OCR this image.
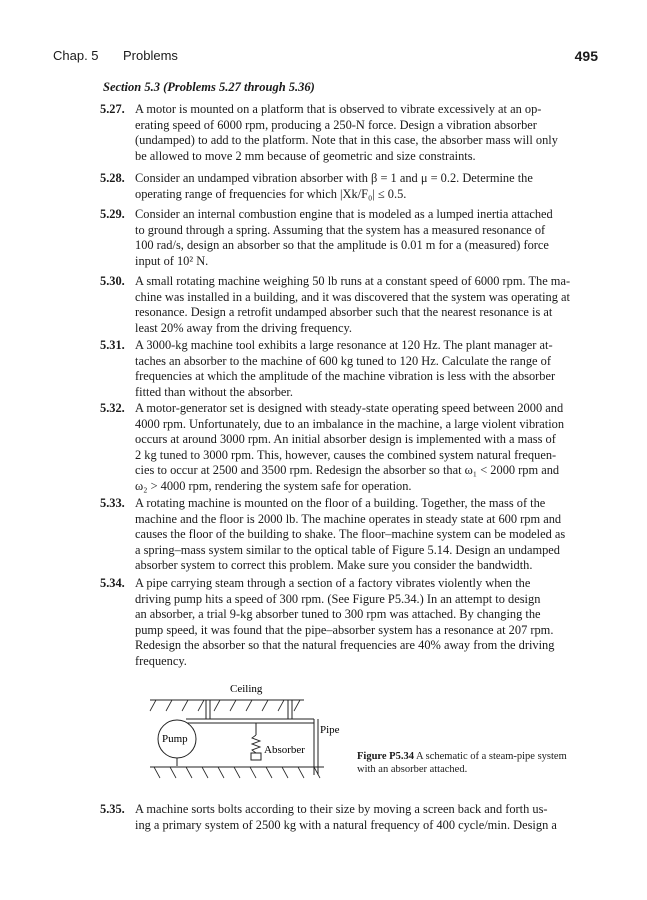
Chap. 5 Problems	495
Section 5.3 (Problems 5.27 through 5.36)
5.27. A motor is mounted on a platform that is observed to vibrate excessively at an op-
erating speed of 6000 rpm, producing a 250-N force. Design a vibration absorber
(undamped) to add to the platform. Note that in this case, the absorber mass will only
be allowed to move 2 mm because of geometric and size constraints.
5.28. Consider an undamped vibration absorber with β = 1 and μ = 0.2. Determine the
operating range of frequencies for which |Xk/F₀| ≤ 0.5.
5.29. Consider an internal combustion engine that is modeled as a lumped inertia attached
to ground through a spring. Assuming that the system has a measured resonance of
100 rad/s, design an absorber so that the amplitude is 0.01 m for a (measured) force
input of 10² N.
5.30. A small rotating machine weighing 50 lb runs at a constant speed of 6000 rpm. The ma-
chine was installed in a building, and it was discovered that the system was operating at
resonance. Design a retrofit undamped absorber such that the nearest resonance is at
least 20% away from the driving frequency.
5.31. A 3000-kg machine tool exhibits a large resonance at 120 Hz. The plant manager at-
taches an absorber to the machine of 600 kg tuned to 120 Hz. Calculate the range of
frequencies at which the amplitude of the machine vibration is less with the absorber
fitted than without the absorber.
5.32. A motor-generator set is designed with steady-state operating speed between 2000 and
4000 rpm. Unfortunately, due to an imbalance in the machine, a large violent vibration
occurs at around 3000 rpm. An initial absorber design is implemented with a mass of
2 kg tuned to 3000 rpm. This, however, causes the combined system natural frequen-
cies to occur at 2500 and 3500 rpm. Redesign the absorber so that ω₁ < 2000 rpm and
ω₂ > 4000 rpm, rendering the system safe for operation.
5.33. A rotating machine is mounted on the floor of a building. Together, the mass of the
machine and the floor is 2000 lb. The machine operates in steady state at 600 rpm and
causes the floor of the building to shake. The floor–machine system can be modeled as
a spring–mass system similar to the optical table of Figure 5.14. Design an undamped
absorber system to correct this problem. Make sure you consider the bandwidth.
5.34. A pipe carrying steam through a section of a factory vibrates violently when the
driving pump hits a speed of 300 rpm. (See Figure P5.34.) In an attempt to design
an absorber, a trial 9-kg absorber tuned to 300 rpm was attached. By changing the
pump speed, it was found that the pipe–absorber system has a resonance at 207 rpm.
Redesign the absorber so that the natural frequencies are 40% away from the driving
frequency.
Ceiling
Pipe
Pump
Absorber
Figure P5.34 A schematic of a steam-pipe system with an absorber attached.
5.35. A machine sorts bolts according to their size by moving a screen back and forth us-
ing a primary system of 2500 kg with a natural frequency of 400 cycle/min. Design a
